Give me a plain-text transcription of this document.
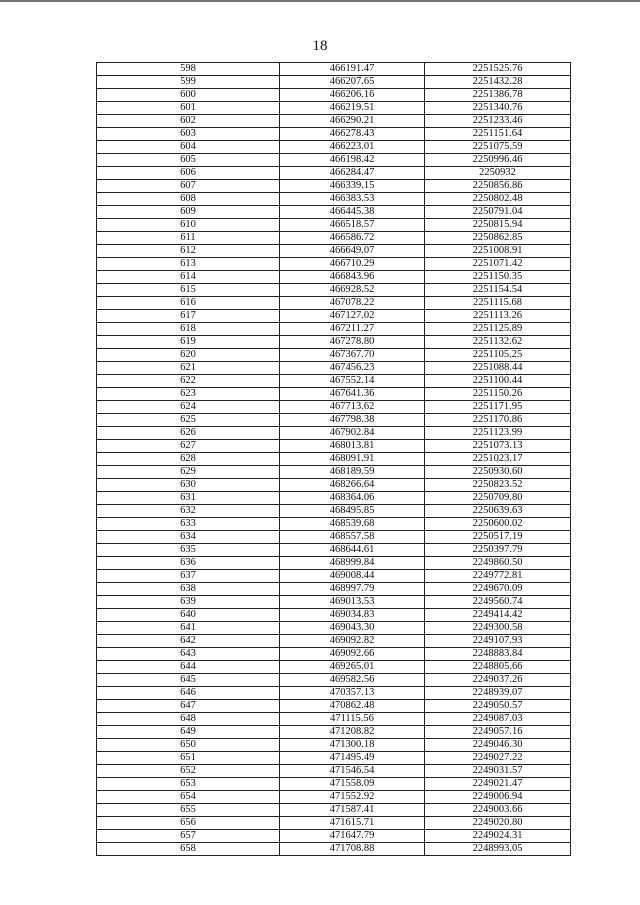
18
598	466191.47	2251525.76
599	466207.65	2251432.28
600	466206.16	2251386.78
601	466219.51	2251340.76
602	466290.21	2251233.46
603	466278.43	2251151.64
604	466223.01	2251075.59
605	466198.42	2250996.46
606	466284.47	2250932
607	466339.15	2250856.86
608	466383.53	2250802.48
609	466445.38	2250791.04
610	466518.57	2250815.94
611	466586.72	2250862.85
612	466649.07	2251008.91
613	466710.29	2251071.42
614	466843.96	2251150.35
615	466928.52	2251154.54
616	467078.22	2251115.68
617	467127.02	2251113.26
618	467211.27	2251125.89
619	467278.80	2251132.62
620	467367.70	2251105.25
621	467456.23	2251088.44
622	467552.14	2251100.44
623	467641.36	2251150.26
624	467713.62	2251171.95
625	467798.38	2251170.86
626	467902.84	2251123.99
627	468013.81	2251073.13
628	468091.91	2251023.17
629	468189.59	2250930.60
630	468266.64	2250823.52
631	468364.06	2250709.80
632	468495.85	2250639.63
633	468539.68	2250600.02
634	468557.58	2250517.19
635	468644.61	2250397.79
636	468999.84	2249860.50
637	469008.44	2249772.81
638	468997.79	2249670.09
639	469013.53	2249560.74
640	469034.83	2249414.42
641	469043.30	2249300.58
642	469092.82	2249107.93
643	469092.66	2248883.84
644	469265.01	2248805.66
645	469582.56	2249037.26
646	470357.13	2248939.07
647	470862.48	2249050.57
648	471115.56	2249087.03
649	471208.82	2249057.16
650	471300.18	2249046.30
651	471495.49	2249027.22
652	471546.54	2249031.57
653	471558.09	2249021.47
654	471552.92	2249006.94
655	471587.41	2249003.66
656	471615.71	2249020.80
657	471647.79	2249024.31
658	471708.88	2248993.05
